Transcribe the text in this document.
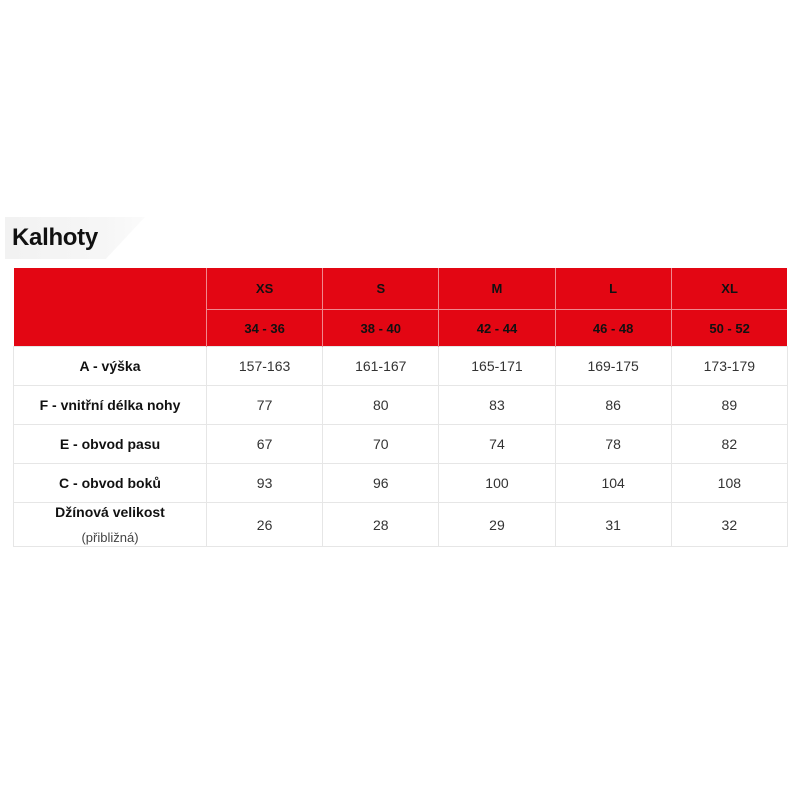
Kalhoty
	XS	S	M	L	XL
	34 - 36	38 - 40	42 - 44	46 - 48	50 - 52
A - výška	157-163	161-167	165-171	169-175	173-179
F - vnitřní délka nohy	77	80	83	86	89
E - obvod pasu	67	70	74	78	82
C - obvod boků	93	96	100	104	108
Džínová velikost
(přibližná)	26	28	29	31	32
